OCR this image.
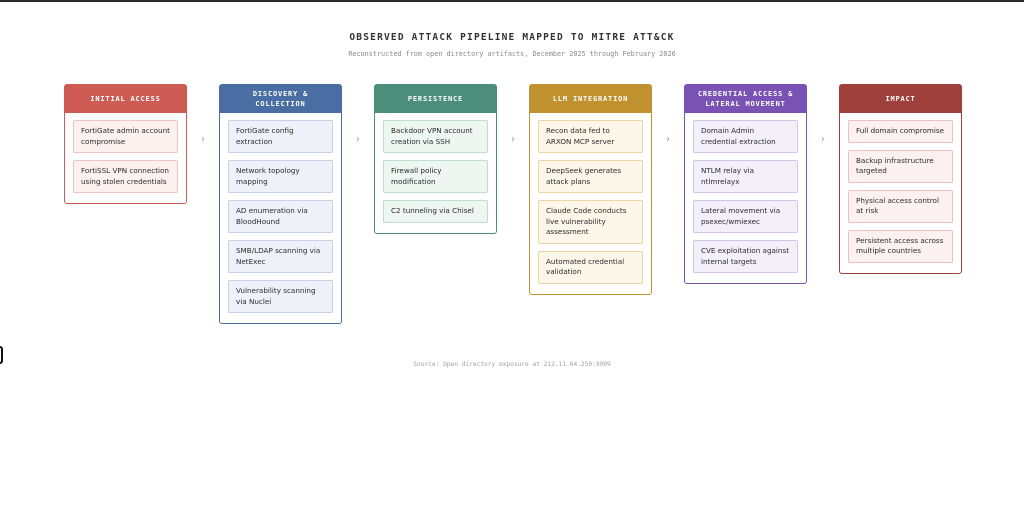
OBSERVED ATTACK PIPELINE MAPPED TO MITRE ATT&CK
Reconstructed from open directory artifacts, December 2025 through February 2026
INITIAL ACCESS
FortiGate admin account compromise
FortiSSL VPN connection using stolen credentials
›
DISCOVERY & COLLECTION
FortiGate config extraction
Network topology mapping
AD enumeration via BloodHound
SMB/LDAP scanning via NetExec
Vulnerability scanning via Nuclei
›
PERSISTENCE
Backdoor VPN account creation via SSH
Firewall policy modification
C2 tunneling via Chisel
›
LLM INTEGRATION
Recon data fed to ARXON MCP server
DeepSeek generates attack plans
Claude Code conducts live vulnerability assessment
Automated credential validation
›
CREDENTIAL ACCESS & LATERAL MOVEMENT
Domain Admin credential extraction
NTLM relay via ntlmrelayx
Lateral movement via psexec/wmiexec
CVE exploitation against internal targets
›
IMPACT
Full domain compromise
Backup infrastructure targeted
Physical access control at risk
Persistent access across multiple countries
Source: Open directory exposure at 212.11.64.250:9999
